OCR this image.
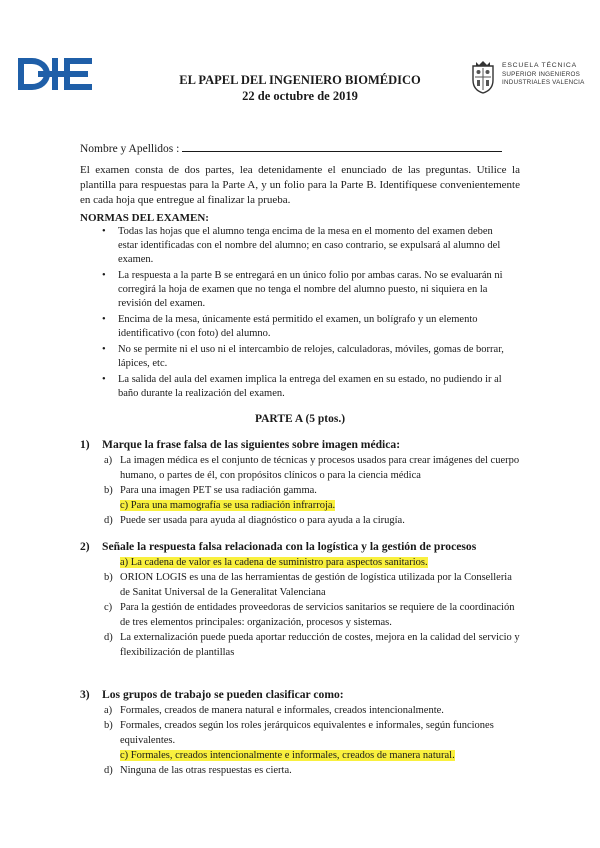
DIE
EL PAPEL DEL INGENIERO BIOMÉDICO
22 de octubre de 2019
ESCUELA TÉCNICA
SUPERIOR INGENIEROS
INDUSTRIALES VALENCIA
Nombre y Apellidos :
El examen consta de dos partes, lea detenidamente el enunciado de las preguntas. Utilice la plantilla para respuestas para la Parte A, y un folio para la Parte B. Identifíquese convenientemente en cada hoja que entregue al finalizar la prueba.
NORMAS DEL EXAMEN:
• Todas las hojas que el alumno tenga encima de la mesa en el momento del examen deben estar identificadas con el nombre del alumno; en caso contrario, se expulsará al alumno del examen.
• La respuesta a la parte B se entregará en un único folio por ambas caras. No se evaluarán ni corregirá la hoja de examen que no tenga el nombre del alumno puesto, ni siquiera en la revisión del examen.
• Encima de la mesa, únicamente está permitido el examen, un bolígrafo y un elemento identificativo (con foto) del alumno.
• No se permite ni el uso ni el intercambio de relojes, calculadoras, móviles, gomas de borrar, lápices, etc.
• La salida del aula del examen implica la entrega del examen en su estado, no pudiendo ir al baño durante la realización del examen.
PARTE A (5 ptos.)
1) Marque la frase falsa de las siguientes sobre imagen médica:
a) La imagen médica es el conjunto de técnicas y procesos usados para crear imágenes del cuerpo humano, o partes de él, con propósitos clínicos o para la ciencia médica
b) Para una imagen PET se usa radiación gamma.
c) Para una mamografía se usa radiación infrarroja.
d) Puede ser usada para ayuda al diagnóstico o para ayuda a la cirugía.
2) Señale la respuesta falsa relacionada con la logística y la gestión de procesos
a) La cadena de valor es la cadena de suministro para aspectos sanitarios.
b) ORION LOGIS es una de las herramientas de gestión de logística utilizada por la Conselleria de Sanitat Universal de la Generalitat Valenciana
c) Para la gestión de entidades proveedoras de servicios sanitarios se requiere de la coordinación de tres elementos principales: organización, procesos y sistemas.
d) La externalización puede pueda aportar reducción de costes, mejora en la calidad del servicio y flexibilización de plantillas
3) Los grupos de trabajo se pueden clasificar como:
a) Formales, creados de manera natural e informales, creados intencionalmente.
b) Formales, creados según los roles jerárquicos equivalentes e informales, según funciones equivalentes.
c) Formales, creados intencionalmente e informales, creados de manera natural.
d) Ninguna de las otras respuestas es cierta.
